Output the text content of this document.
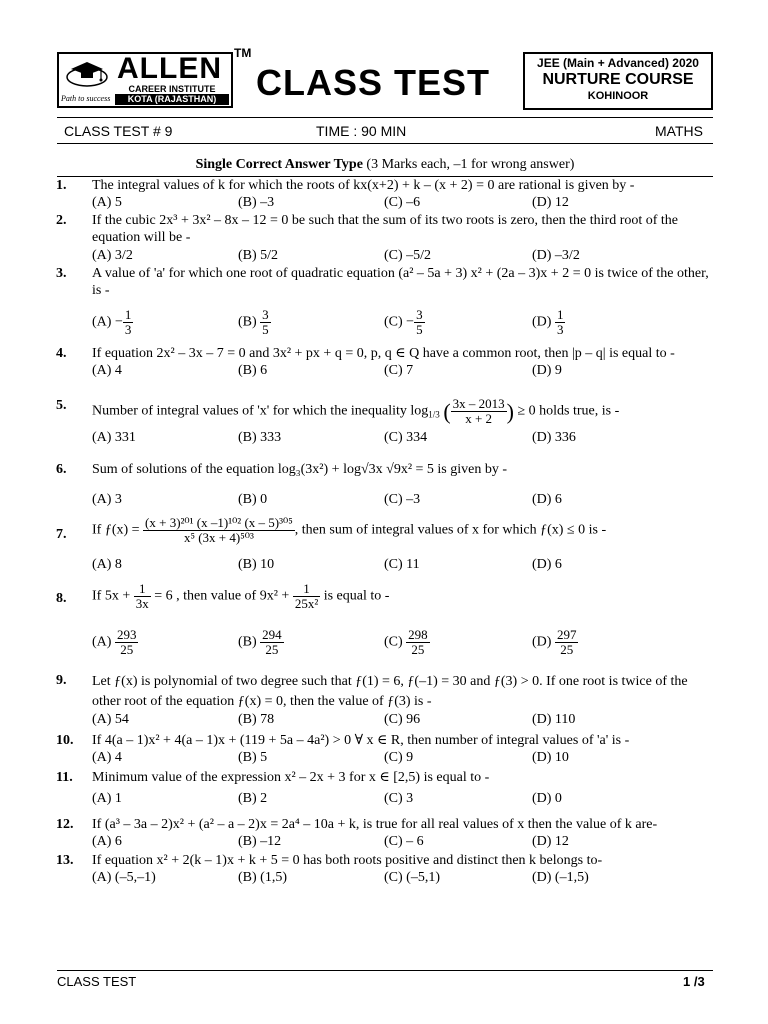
ALLEN
CAREER INSTITUTE
KOTA (RAJASTHAN)
Path to success
TM
CLASS TEST	JEE (Main + Advanced) 2020
NURTURE COURSE
KOHINOOR
CLASS TEST # 9	TIME : 90 MIN	MATHS
Single Correct Answer Type (3 Marks each, –1 for wrong answer)
1. The integral values of k for which the roots of kx(x+2) + k – (x + 2) = 0 are rational is given by -
(A) 5	(B) –3	(C) –6	(D) 12
2. If the cubic 2x³ + 3x² – 8x – 12 = 0 be such that the sum of its two roots is zero, then the third root of the equation will be -
(A) 3/2	(B) 5/2	(C) –5/2	(D) –3/2
3. A value of 'a' for which one root of quadratic equation (a² – 5a + 3) x² + (2a – 3)x + 2 = 0 is twice of the other, is -
$(A) - \frac{1}{3}$	$(B) \frac{3}{5}$	$(C) - \frac{3}{5}$	$(D) \frac{1}{3}$
4. If equation 2x² – 3x – 7 = 0 and 3x² + px + q = 0, p, q ∈ Q have a common root, then |p – q| is equal to -
(A) 4	(B) 6	(C) 7	(D) 9
5. Number of integral values of 'x' for which the inequality $\log_{1/3}$ ( $\frac{3x - 2013}{x + 2}$ ) ≥ 0 holds true, is -
(A) 331	(B) 333	(C) 334	(D) 336
6. Sum of solutions of the equation log₃(3x²) + log√3x √9x² = 5 is given by -
(A) 3	(B) 0	(C) –3	(D) 6
7. If ƒ(x) = $\frac{\text{(x + 3)²⁰¹ (x –1)¹⁰² (x – 5)³⁰⁵}}{\text{x⁵ (3x + 4)⁵⁰³}}$ , then sum of integral values of x for which ƒ(x) ≤ 0 is -
(A) 8	(B) 10	(C) 11	(D) 6
8. If $5x + \frac{1}{3x} = 6$ , then value of $9x^2 + \frac{1}{\text{25x²}}$ is equal to -
$(A) \frac{293}{25}$	$(B) \frac{294}{25}$	$(C) \frac{298}{25}$	$(D) \frac{297}{25}$
9. Let ƒ(x) is polynomial of two degree such that ƒ(1) = 6, ƒ(–1) = 30 and ƒ(3) > 0. If one root is twice of the other root of the equation ƒ(x) = 0, then the value of ƒ(3) is -
(A) 54	(B) 78	(C) 96	(D) 110
10. If 4(a – 1)x² + 4(a – 1)x + (119 + 5a – 4a²) > 0 ∀ x ∈ R, then number of integral values of 'a' is -
(A) 4	(B) 5	(C) 9	(D) 10
11. Minimum value of the expression x² – 2x + 3 for x ∈ [2,5) is equal to -
(A) 1	(B) 2	(C) 3	(D) 0
12. If (a³ – 3a – 2)x² + (a² – a – 2)x = 2a⁴ – 10a + k, is true for all real values of x then the value of k are-
(A) 6	(B) –12	(C) – 6	(D) 12
13. If equation x² + 2(k – 1)x + k + 5 = 0 has both roots positive and distinct then k belongs to-
(A) (–5,–1)	(B) (1,5)	(C) (–5,1)	(D) (–1,5)
CLASS TEST	1 /3
